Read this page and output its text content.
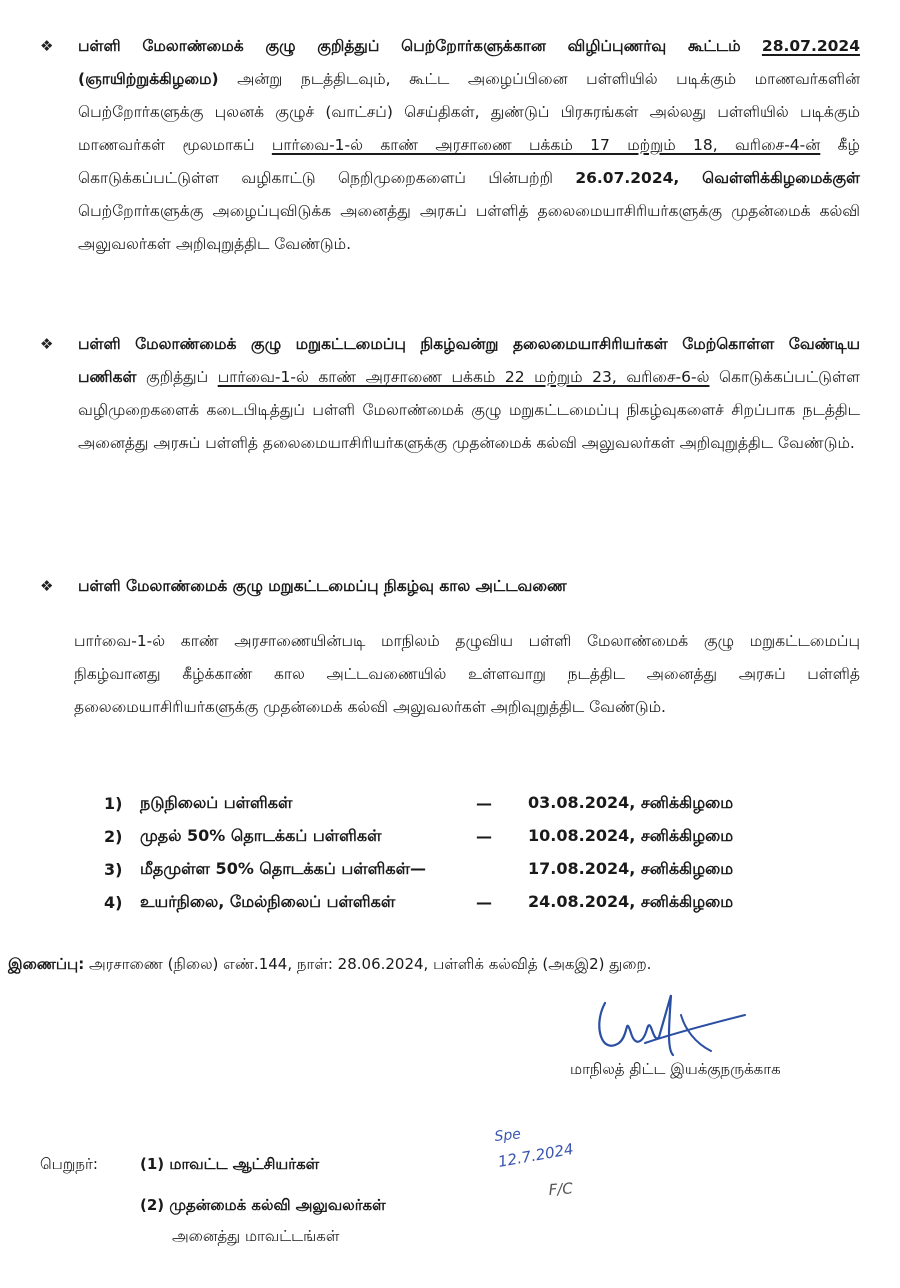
❖ பள்ளி மேலாண்மைக் குழு குறித்துப் பெற்றோர்களுக்கான விழிப்புணர்வு கூட்டம் 28.07.2024 (ஞாயிற்றுக்கிழமை) அன்று நடத்திடவும், கூட்ட அழைப்பினை பள்ளியில் படிக்கும் மாணவர்களின் பெற்றோர்களுக்கு புலனக் குழுச் (வாட்சப்) செய்திகள், துண்டுப் பிரசுரங்கள் அல்லது பள்ளியில் படிக்கும் மாணவர்கள் மூலமாகப் பார்வை-1-ல் காண் அரசாணை பக்கம் 17 மற்றும் 18, வரிசை-4-ன் கீழ் கொடுக்கப்பட்டுள்ள வழிகாட்டு நெறிமுறைகளைப் பின்பற்றி 26.07.2024, வெள்ளிக்கிழமைக்குள் பெற்றோர்களுக்கு அழைப்புவிடுக்க அனைத்து அரசுப் பள்ளித் தலைமையாசிரியர்களுக்கு முதன்மைக் கல்வி அலுவலர்கள் அறிவுறுத்திட வேண்டும்.

❖ பள்ளி மேலாண்மைக் குழு மறுகட்டமைப்பு நிகழ்வன்று தலைமையாசிரியர்கள் மேற்கொள்ள வேண்டிய பணிகள் குறித்துப் பார்வை-1-ல் காண் அரசாணை பக்கம் 22 மற்றும் 23, வரிசை-6-ல் கொடுக்கப்பட்டுள்ள வழிமுறைகளைக் கடைபிடித்துப் பள்ளி மேலாண்மைக் குழு மறுகட்டமைப்பு நிகழ்வுகளைச் சிறப்பாக நடத்திட அனைத்து அரசுப் பள்ளித் தலைமையாசிரியர்களுக்கு முதன்மைக் கல்வி அலுவலர்கள் அறிவுறுத்திட வேண்டும்.

❖ பள்ளி மேலாண்மைக் குழு மறுகட்டமைப்பு நிகழ்வு கால அட்டவணை

பார்வை-1-ல் காண் அரசாணையின்படி மாநிலம் தழுவிய பள்ளி மேலாண்மைக் குழு மறுகட்டமைப்பு நிகழ்வானது கீழ்க்காண் கால அட்டவணையில் உள்ளவாறு நடத்திட அனைத்து அரசுப் பள்ளித் தலைமையாசிரியர்களுக்கு முதன்மைக் கல்வி அலுவலர்கள் அறிவுறுத்திட வேண்டும்.

1)	நடுநிலைப் பள்ளிகள்	—	03.08.2024, சனிக்கிழமை
2)	முதல் 50% தொடக்கப் பள்ளிகள்	—	10.08.2024, சனிக்கிழமை
3)	மீதமுள்ள 50% தொடக்கப் பள்ளிகள்—	17.08.2024, சனிக்கிழமை
4)	உயர்நிலை, மேல்நிலைப் பள்ளிகள்	—	24.08.2024, சனிக்கிழமை
இணைப்பு: அரசாணை (நிலை) எண்.144, நாள்: 28.06.2024, பள்ளிக் கல்வித் (அகஇ2) துறை.
மாநிலத் திட்ட இயக்குநருக்காக
Spe
12.7.2024
F/C
பெறுநர்:	(1) மாவட்ட ஆட்சியர்கள்
(2) முதன்மைக் கல்வி அலுவலர்கள்
அனைத்து மாவட்டங்கள்
